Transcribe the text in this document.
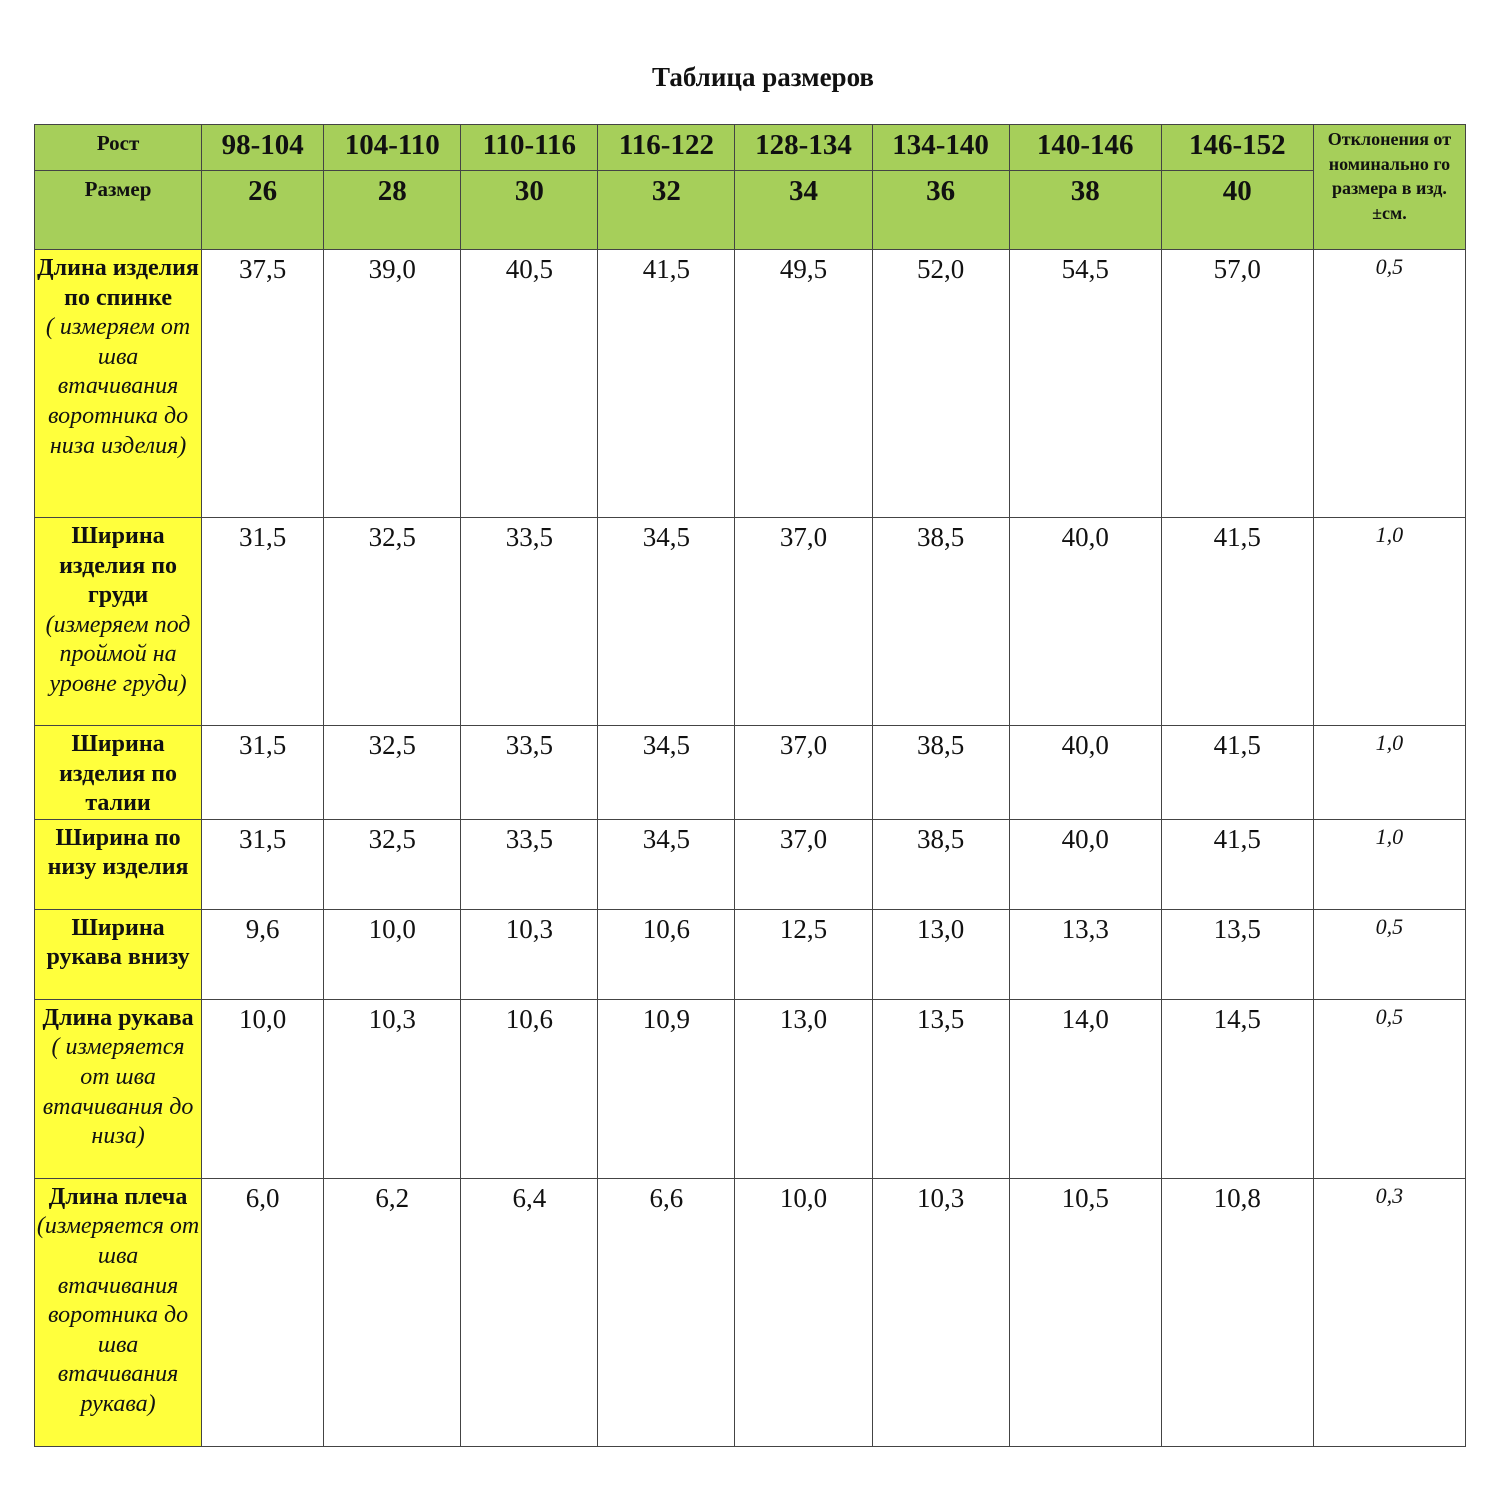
Таблица размеров
Рост	98-104	104-110	110-116	116-122	128-134	134-140	140-146	146-152	Отклонения от номинально го размера в изд. ±см.
Размер	26	28	30	32	34	36	38	40	

Длина изделия по спинке
( измеряем от шва втачивания воротника до низа изделия)	37,5	39,0	40,5	41,5	49,5	52,0	54,5	57,0	0,5

Ширина изделия по груди
(измеряем под проймой на уровне груди)	31,5	32,5	33,5	34,5	37,0	38,5	40,0	41,5	1,0

Ширина изделия по талии	31,5	32,5	33,5	34,5	37,0	38,5	40,0	41,5	1,0

Ширина по низу изделия	31,5	32,5	33,5	34,5	37,0	38,5	40,0	41,5	1,0

Ширина рукава внизу	9,6	10,0	10,3	10,6	12,5	13,0	13,3	13,5	0,5

Длина рукава
( измеряется от шва втачивания до низа)	10,0	10,3	10,6	10,9	13,0	13,5	14,0	14,5	0,5

Длина плеча
(измеряется от шва втачивания воротника до шва втачивания рукава)	6,0	6,2	6,4	6,6	10,0	10,3	10,5	10,8	0,3
